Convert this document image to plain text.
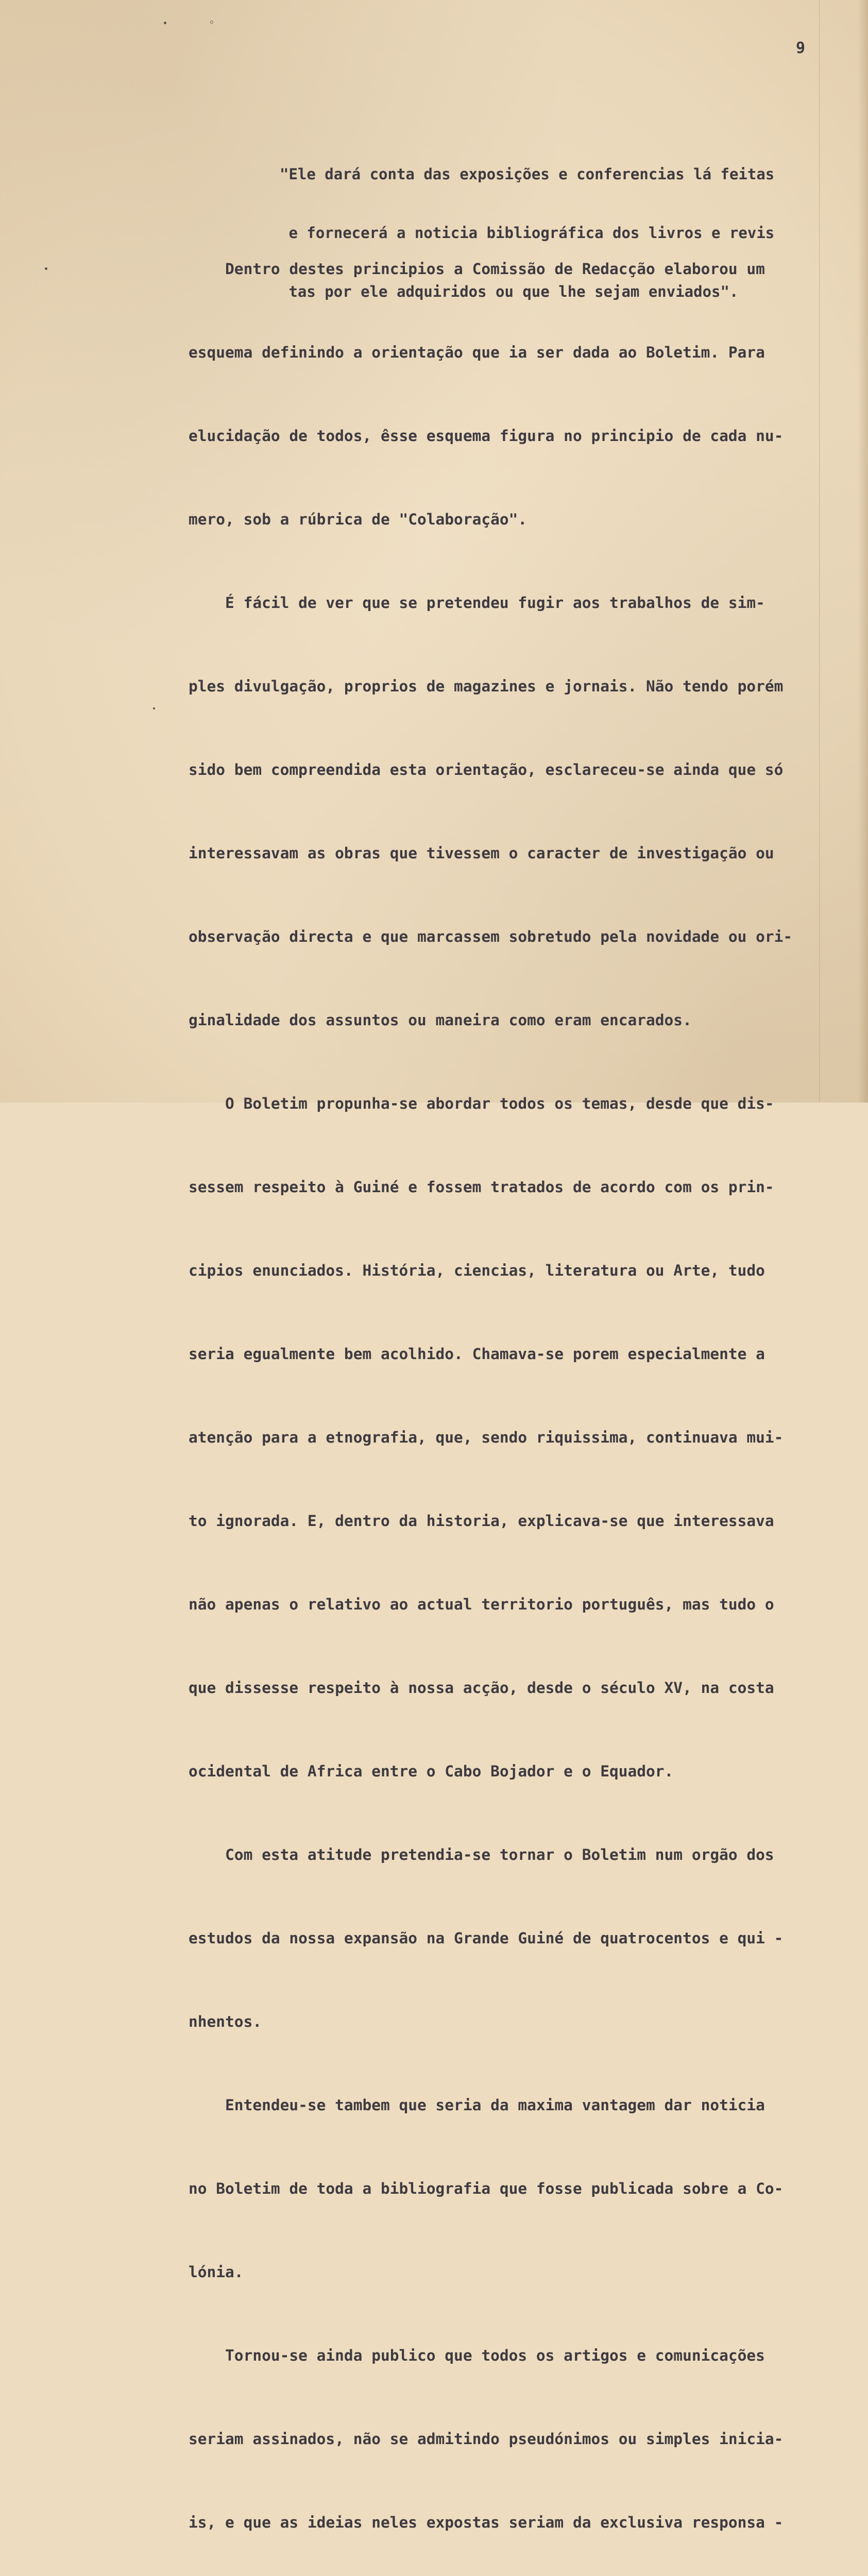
9

"Ele dará conta das exposições e conferencias lá feitas

e fornecerá a noticia bibliográfica dos livros e revis

tas por ele adquiridos ou que lhe sejam enviados".

Dentro destes principios a Comissão de Redacção elaborou um

esquema definindo a orientação que ia ser dada ao Boletim. Para

elucidação de todos, êsse esquema figura no principio de cada nu-

mero, sob a rúbrica de "Colaboração".

É fácil de ver que se pretendeu fugir aos trabalhos de sim-

ples divulgação, proprios de magazines e jornais. Não tendo porém

sido bem compreendida esta orientação, esclareceu-se ainda que só

interessavam as obras que tivessem o caracter de investigação ou

observação directa e que marcassem sobretudo pela novidade ou ori-

ginalidade dos assuntos ou maneira como eram encarados.

O Boletim propunha-se abordar todos os temas, desde que dis-

sessem respeito à Guiné e fossem tratados de acordo com os prin-

cipios enunciados. História, ciencias, literatura ou Arte, tudo

seria egualmente bem acolhido. Chamava-se porem especialmente a

atenção para a etnografia, que, sendo riquissima, continuava mui-

to ignorada. E, dentro da historia, explicava-se que interessava

não apenas o relativo ao actual territorio português, mas tudo o

que dissesse respeito à nossa acção, desde o século XV, na costa

ocidental de Africa entre o Cabo Bojador e o Equador.

Com esta atitude pretendia-se tornar o Boletim num orgão dos

estudos da nossa expansão na Grande Guiné de quatrocentos e qui -

nhentos.

Entendeu-se tambem que seria da maxima vantagem dar noticia

no Boletim de toda a bibliografia que fosse publicada sobre a Co-

lónia.

Tornou-se ainda publico que todos os artigos e comunicações

seriam assinados, não se admitindo pseudónimos ou simples inicia-

is, e que as ideias neles expostas seriam da exclusiva responsa -
